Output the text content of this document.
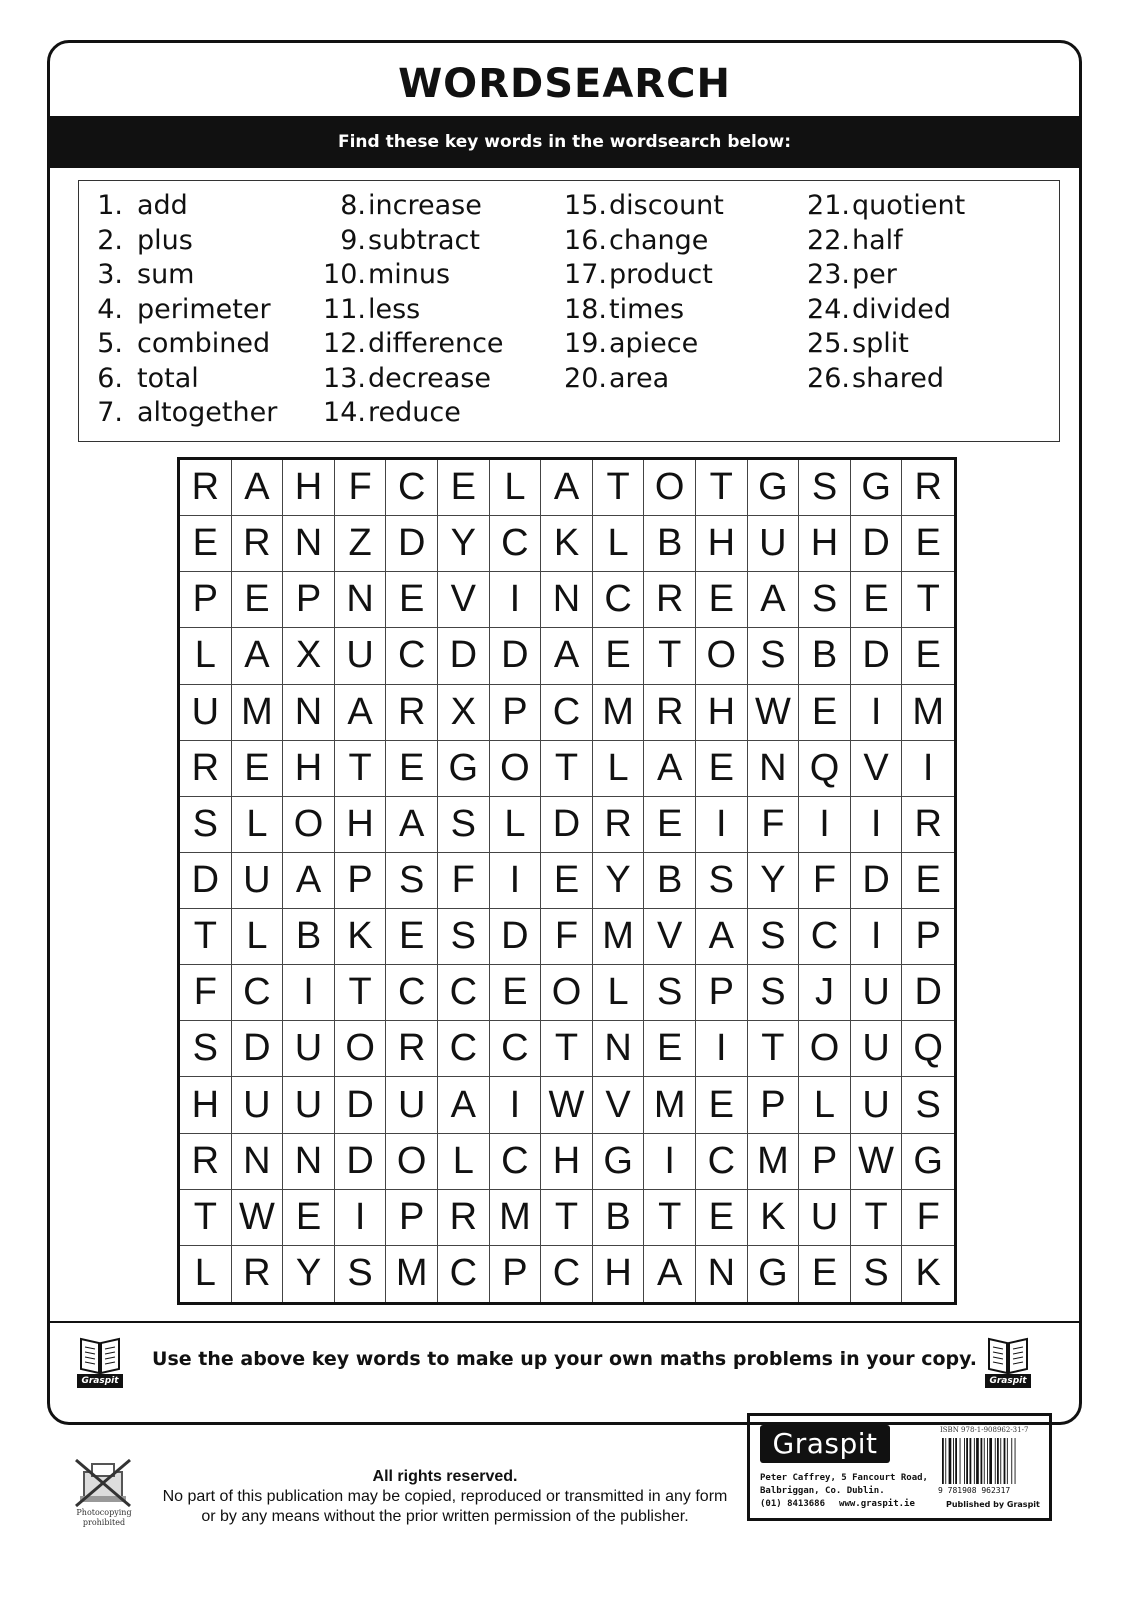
WORDSEARCH
Find these key words in the wordsearch below:
1. add
2. plus
3. sum
4. perimeter
5. combined
6. total
7. altogether
8.increase
9.subtract
10.minus
11.less
12.difference
13.decrease
14.reduce
15.discount
16.change
17.product
18.times
19.apiece
20.area
21.quotient
22.half
23.per
24.divided
25.split
26.shared
R A H F C E L A T O T G S G R
E R N Z D Y C K L B H U H D E
P E P N E V I N C R E A S E T
L A X U C D D A E T O S B D E
U M N A R X P C M R H W E I M
R E H T E G O T L A E N Q V I
S L O H A S L D R E I F I	I R
D U A P S F I E Y B S Y F D E
T L B K E S D F M V A S C I P
F C I T C C E O L S P S J U D
S D U O R C C T N E I T O U Q
H U U D U A I W V M E P L U S
R N N D O L C H G I C M P W G
T W E I P R M T B T E K U T F
L R Y S M C P C H A N G E S K
Graspit
Use the above key words to make up your own maths problems in your copy.
Graspit
Photocopying prohibited
All rights reserved.
No part of this publication may be copied, reproduced or transmitted in any form or by any means without the prior written permission of the publisher.
Graspit
Peter Caffrey, 5 Fancourt Road,
Balbriggan, Co. Dublin.
(01) 8413686 www.graspit.ie
ISBN 978-1-908962-31-7
9 781908 962317
Published by Graspit
